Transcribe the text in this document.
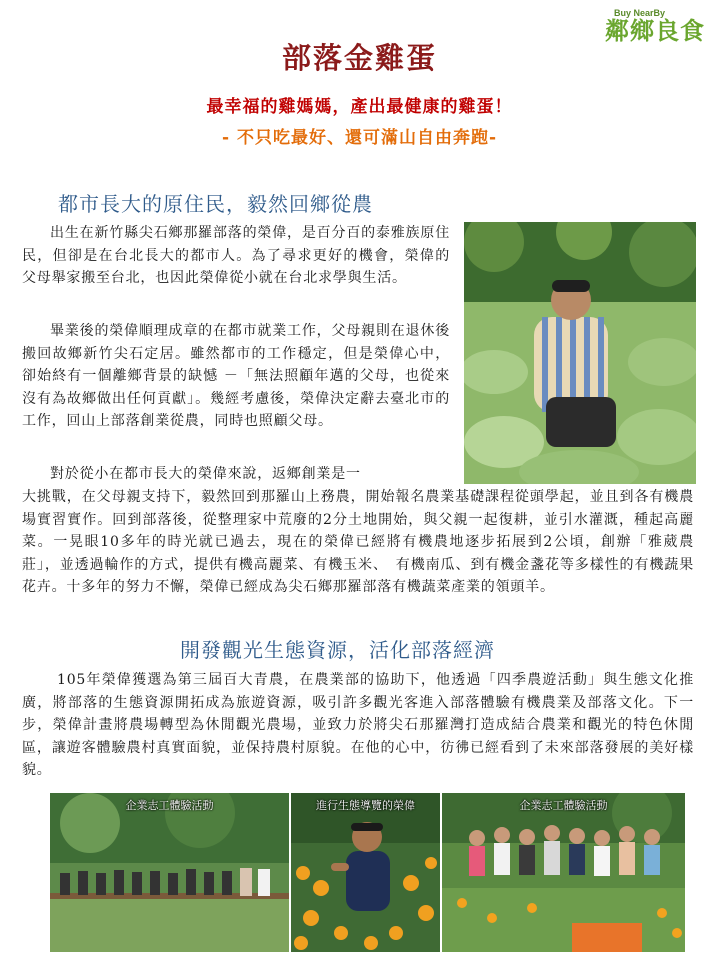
Buy NearBy
鄰鄉良食
部落金雞蛋
最幸福的雞媽媽，產出最健康的雞蛋！
- 不只吃最好、還可滿山自由奔跑-
都市長大的原住民，毅然回鄉從農

出生在新竹縣尖石鄉那羅部落的榮偉，是百分百的泰雅族原住民，但卻是在台北長大的都市人。為了尋求更好的機會，榮偉的父母舉家搬至台北，也因此榮偉從小就在台北求學與生活。

畢業後的榮偉順理成章的在都市就業工作，父母親則在退休後搬回故鄉新竹尖石定居。雖然都市的工作穩定，但是榮偉心中，卻始終有一個離鄉背景的缺憾 －「無法照顧年邁的父母，也從來沒有為故鄉做出任何貢獻」。幾經考慮後，榮偉決定辭去臺北市的工作，回山上部落創業從農，同時也照顧父母。

對於從小在都市長大的榮偉來說，返鄉創業是一

大挑戰，在父母親支持下，毅然回到那羅山上務農，開始報名農業基礎課程從頭學起，並且到各有機農場實習實作。回到部落後，從整理家中荒廢的2分土地開始，與父親一起復耕，並引水灌溉，種起高麗菜。一晃眼10多年的時光就已過去，現在的榮偉已經將有機農地逐步拓展到2公頃，創辦「雅葳農莊」，並透過輪作的方式，提供有機高麗菜、有機玉米、　有機南瓜、到有機金盞花等多樣性的有機蔬果花卉。十多年的努力不懈，榮偉已經成為尖石鄉那羅部落有機蔬菜產業的領頭羊。

開發觀光生態資源，活化部落經濟

105年榮偉獲選為第三屆百大青農，在農業部的協助下，他透過「四季農遊活動」與生態文化推廣，將部落的生態資源開拓成為旅遊資源，吸引許多觀光客進入部落體驗有機農業及部落文化。下一步，榮偉計畫將農場轉型為休閒觀光農場，並致力於將尖石那羅灣打造成結合農業和觀光的特色休閒區，讓遊客體驗農村真實面貌，並保持農村原貌。在他的心中，彷彿已經看到了未來部落發展的美好樣貌。

企業志工體驗活動	進行生態導覽的榮偉	企業志工體驗活動
